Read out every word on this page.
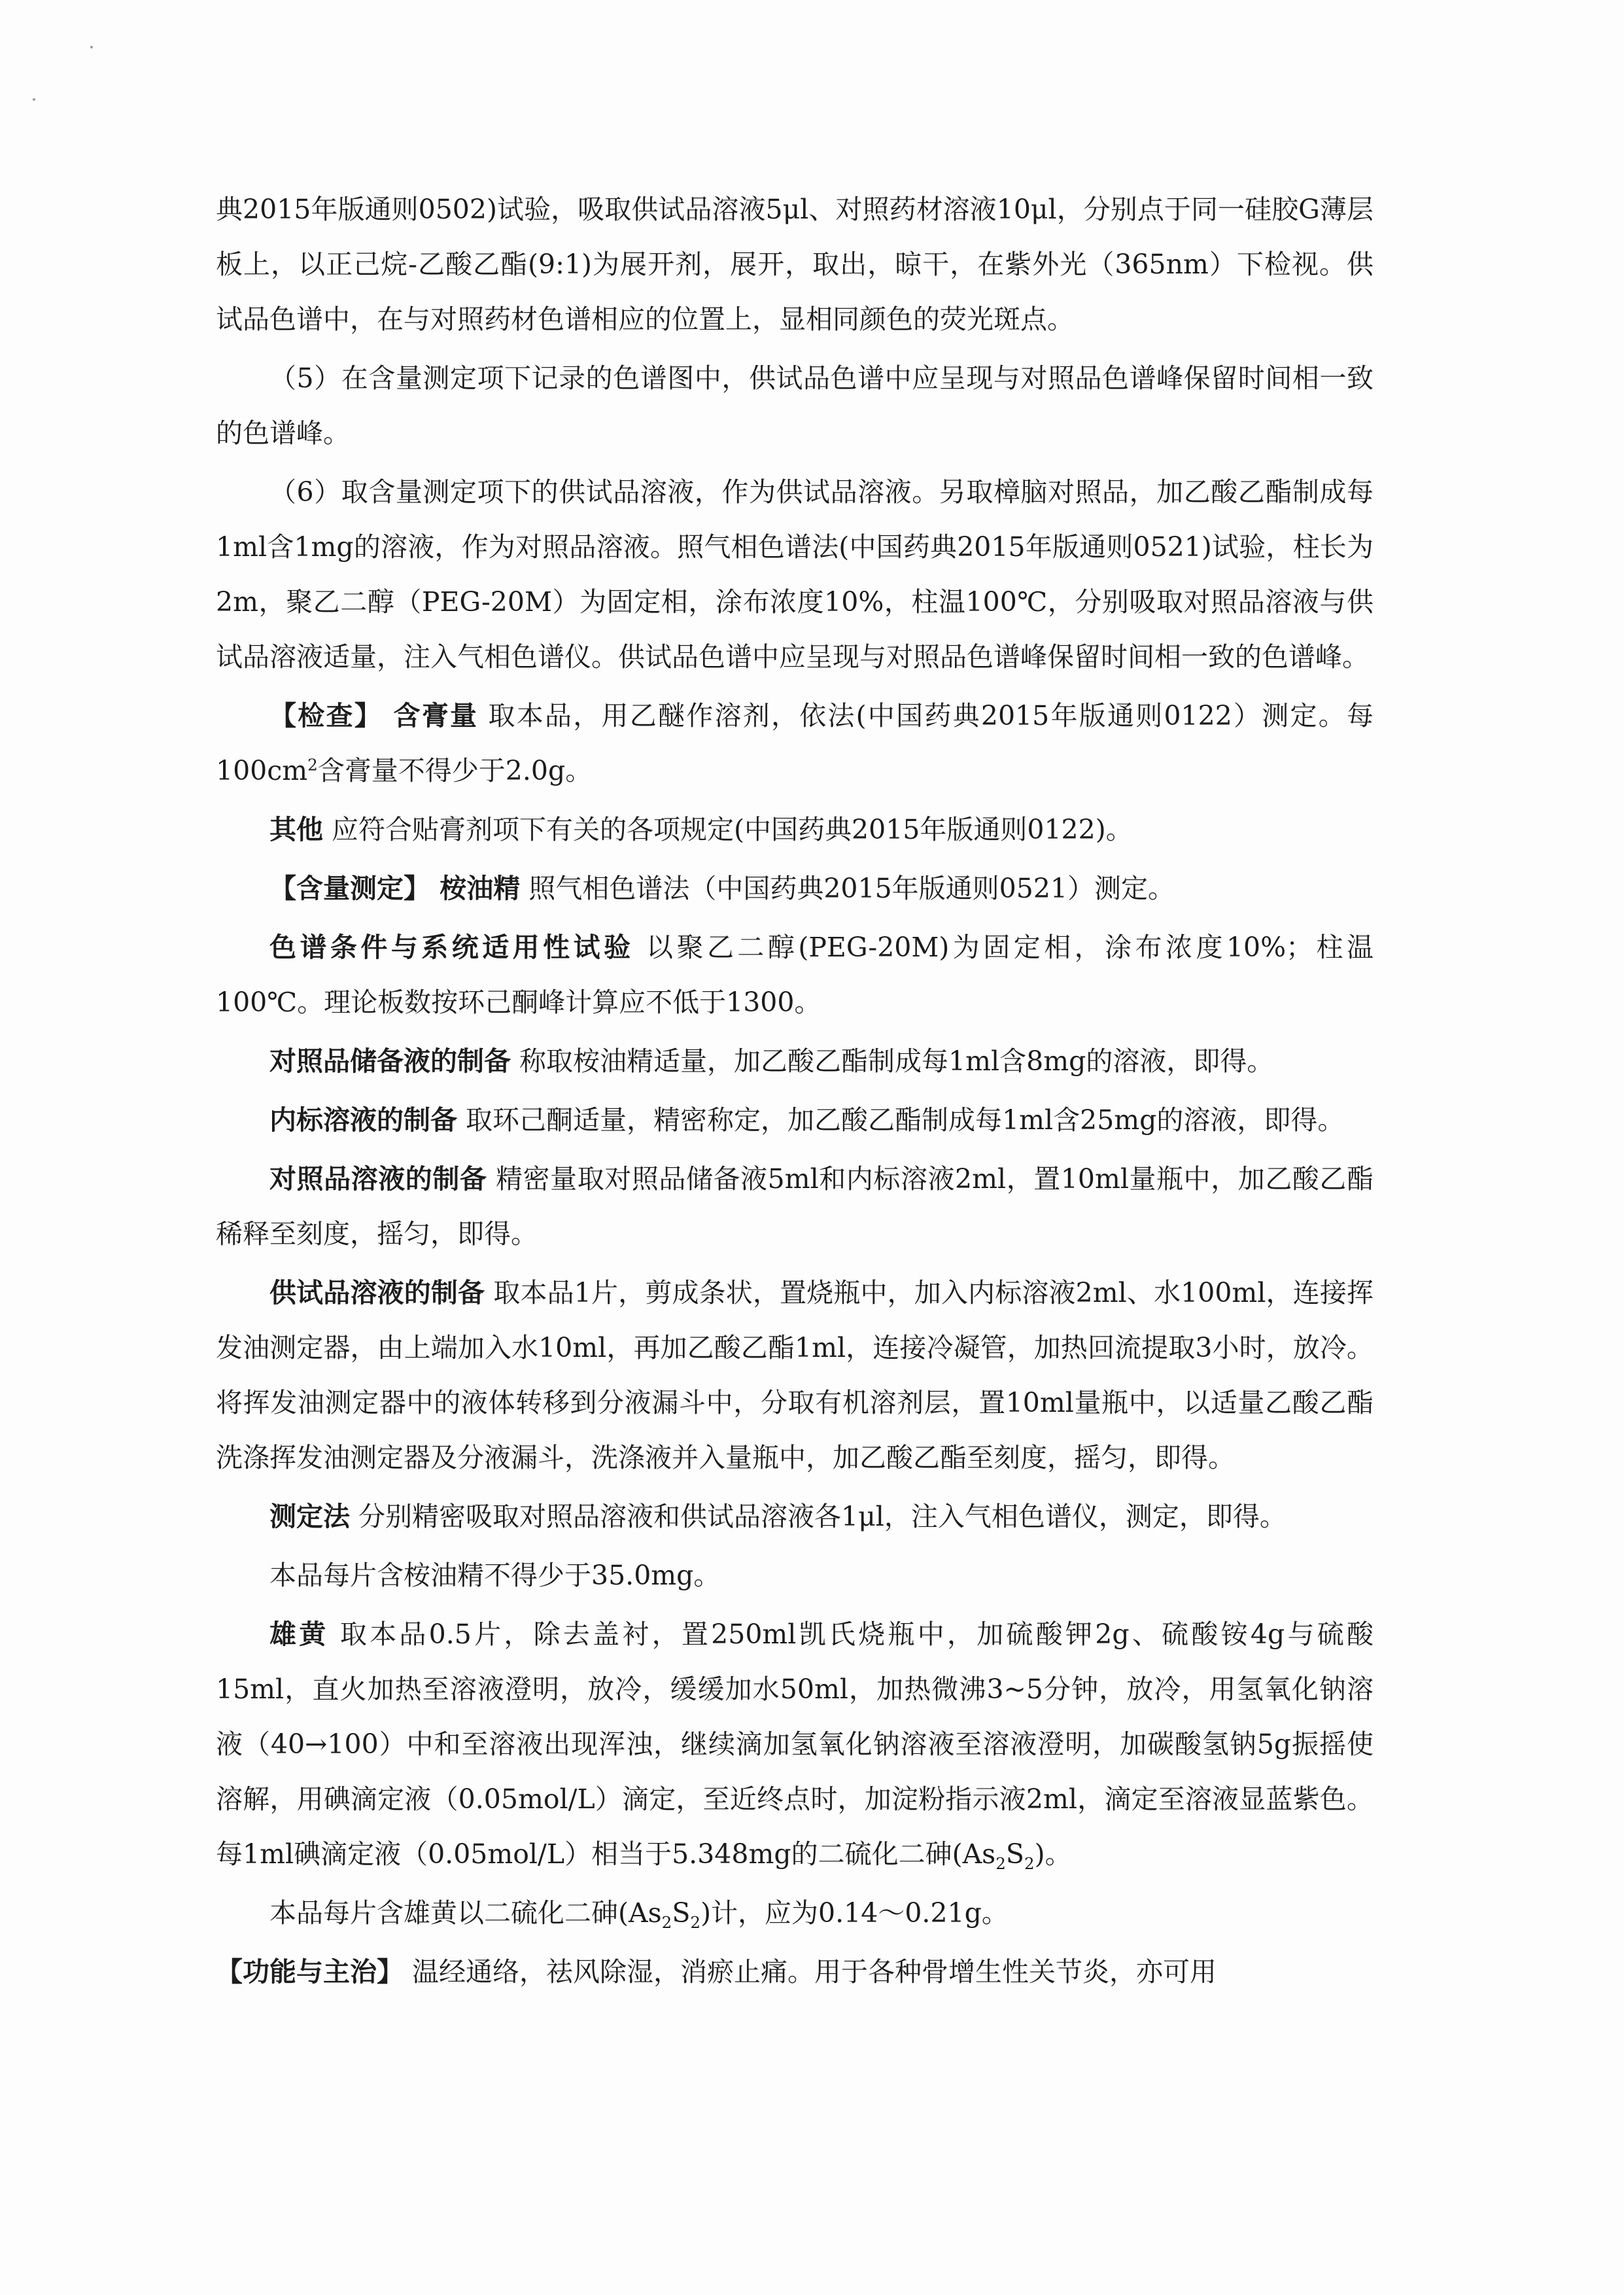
典2015年版通则0502)试验，吸取供试品溶液5μl、对照药材溶液10μl，分别点于同一硅胶G薄层板上，以正己烷-乙酸乙酯(9:1)为展开剂，展开，取出，晾干，在紫外光（365nm）下检视。供试品色谱中，在与对照药材色谱相应的位置上，显相同颜色的荧光斑点。

（5）在含量测定项下记录的色谱图中，供试品色谱中应呈现与对照品色谱峰保留时间相一致的色谱峰。

（6）取含量测定项下的供试品溶液，作为供试品溶液。另取樟脑对照品，加乙酸乙酯制成每1ml含1mg的溶液，作为对照品溶液。照气相色谱法(中国药典2015年版通则0521)试验，柱长为2m，聚乙二醇（PEG-20M）为固定相，涂布浓度10%，柱温100℃，分别吸取对照品溶液与供试品溶液适量，注入气相色谱仪。供试品色谱中应呈现与对照品色谱峰保留时间相一致的色谱峰。

【检查】 含膏量 取本品，用乙醚作溶剂，依法(中国药典2015年版通则0122）测定。每$100cm^2$含膏量不得少于2.0g。

其他 应符合贴膏剂项下有关的各项规定(中国药典2015年版通则0122)。

【含量测定】 桉油精 照气相色谱法（中国药典2015年版通则0521）测定。

色谱条件与系统适用性试验 以聚乙二醇(PEG-20M)为固定相，涂布浓度10%；柱温100℃。理论板数按环己酮峰计算应不低于1300。

对照品储备液的制备 称取桉油精适量，加乙酸乙酯制成每1ml含8mg的溶液，即得。

内标溶液的制备 取环己酮适量，精密称定，加乙酸乙酯制成每1ml含25mg的溶液，即得。

对照品溶液的制备 精密量取对照品储备液5ml和内标溶液2ml，置10ml量瓶中，加乙酸乙酯稀释至刻度，摇匀，即得。

供试品溶液的制备 取本品1片，剪成条状，置烧瓶中，加入内标溶液2ml、水100ml，连接挥发油测定器，由上端加入水10ml，再加乙酸乙酯1ml，连接冷凝管，加热回流提取3小时，放冷。将挥发油测定器中的液体转移到分液漏斗中，分取有机溶剂层，置10ml量瓶中，以适量乙酸乙酯洗涤挥发油测定器及分液漏斗，洗涤液并入量瓶中，加乙酸乙酯至刻度，摇匀，即得。

测定法 分别精密吸取对照品溶液和供试品溶液各1μl，注入气相色谱仪，测定，即得。

本品每片含桉油精不得少于35.0mg。

雄黄 取本品0.5片，除去盖衬，置250ml凯氏烧瓶中，加硫酸钾2g、硫酸铵4g与硫酸15ml，直火加热至溶液澄明，放冷，缓缓加水50ml，加热微沸3~5分钟，放冷，用氢氧化钠溶液（40→100）中和至溶液出现浑浊，继续滴加氢氧化钠溶液至溶液澄明，加碳酸氢钠5g振摇使溶解，用碘滴定液（0.05mol/L）滴定，至近终点时，加淀粉指示液2ml，滴定至溶液显蓝紫色。每1ml碘滴定液（0.05mol/L）相当于5.348mg的二硫化二砷$(As_2S_2)$。

本品每片含雄黄以二硫化二砷$(As_2S_2)$计，应为0.14～0.21g。

【功能与主治】 温经通络，祛风除湿，消瘀止痛。用于各种骨增生性关节炎，亦可用
